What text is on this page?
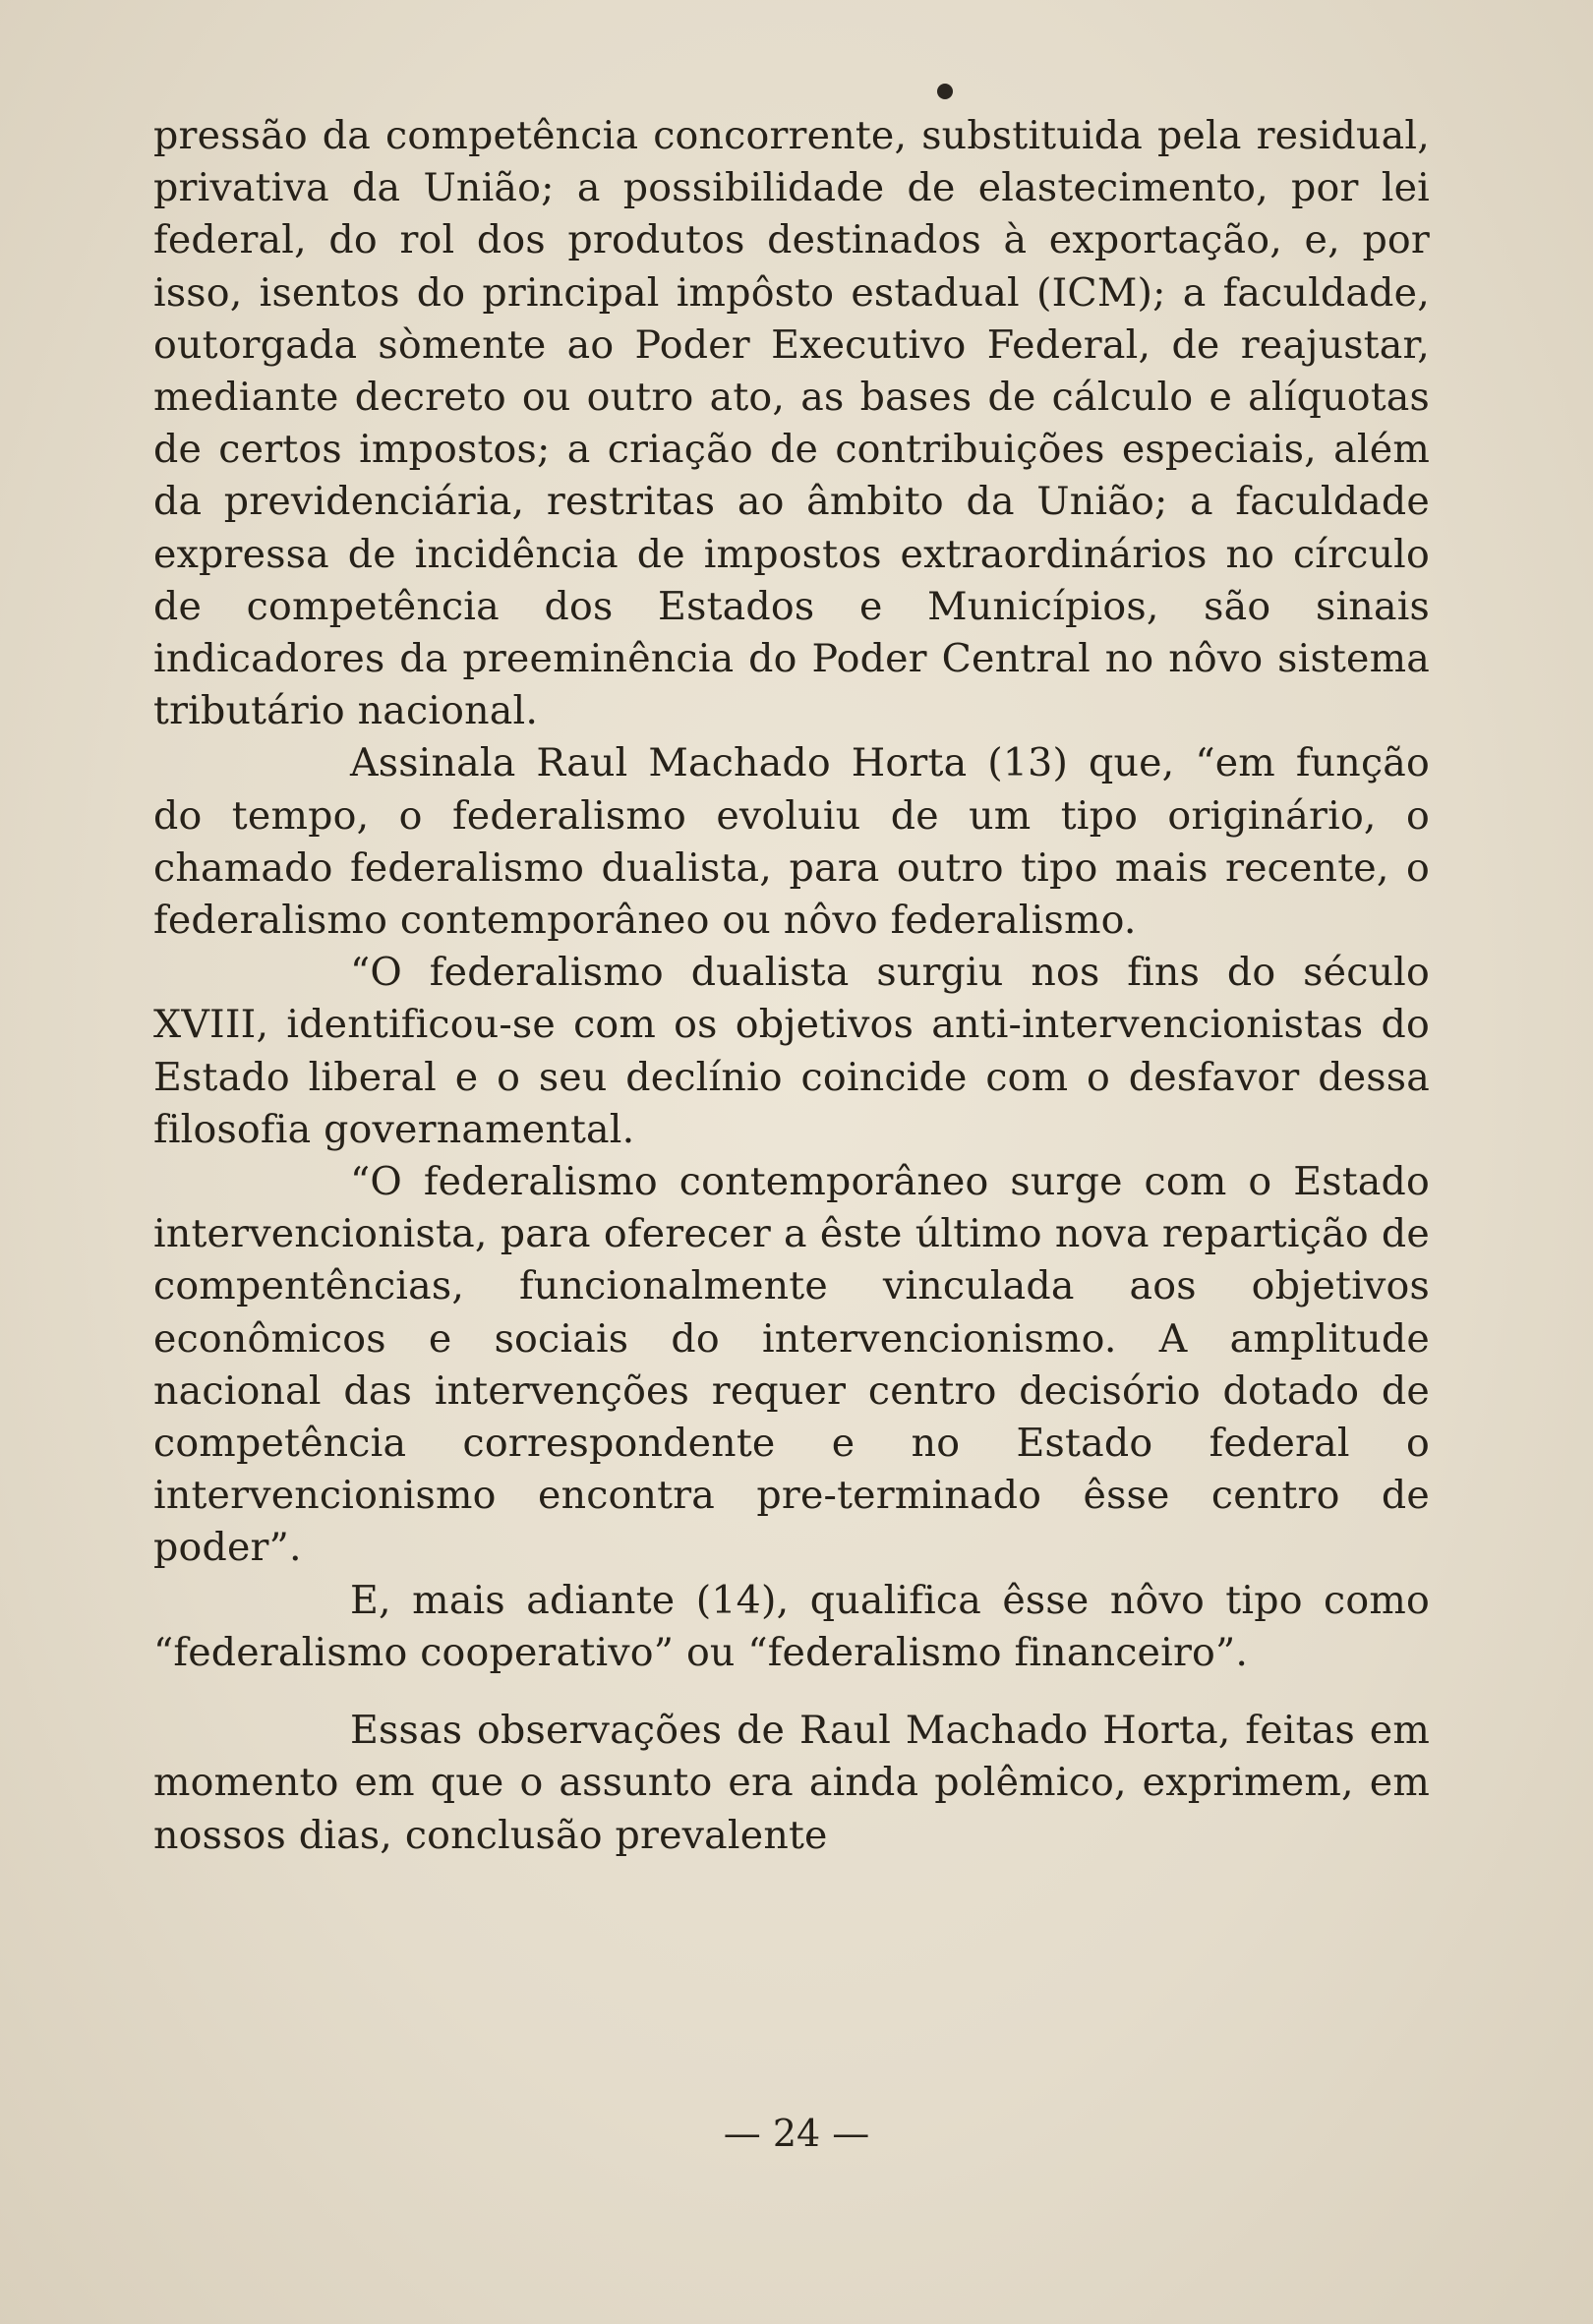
pressão da competência concorrente, substituida pela residual, privativa da União; a possibilidade de elastecimento, por lei federal, do rol dos produtos destinados à exportação, e, por isso, isentos do principal impôsto estadual (ICM); a faculdade, outorgada sòmente ao Poder Executivo Federal, de reajustar, mediante decreto ou outro ato, as bases de cálculo e alíquotas de certos impostos; a criação de contribuições especiais, além da previdenciária, restritas ao âmbito da União; a faculdade expressa de incidência de impostos extraordinários no círculo de competência dos Estados e Municípios, são sinais indicadores da preeminência do Poder Central no nôvo sistema tributário nacional.

Assinala Raul Machado Horta (13) que, “em função do tempo, o federalismo evoluiu de um tipo originário, o chamado federalismo dualista, para outro tipo mais recente, o federalismo contemporâneo ou nôvo federalismo.

“O federalismo dualista surgiu nos fins do século XVIII, identificou-se com os objetivos anti-intervencionistas do Estado liberal e o seu declínio coincide com o desfavor dessa filosofia governamental.

“O federalismo contemporâneo surge com o Estado intervencionista, para oferecer a êste último nova repartição de compentências, funcionalmente vinculada aos objetivos econômicos e sociais do intervencionismo. A amplitude nacional das intervenções requer centro decisório dotado de competência correspondente e no Estado federal o intervencionismo encontra pre-terminado êsse centro de poder”.

E, mais adiante (14), qualifica êsse nôvo tipo como “federalismo cooperativo” ou “federalismo financeiro”.

Essas observações de Raul Machado Horta, feitas em momento em que o assunto era ainda polêmico, exprimem, em nossos dias, conclusão prevalente

— 24 —
